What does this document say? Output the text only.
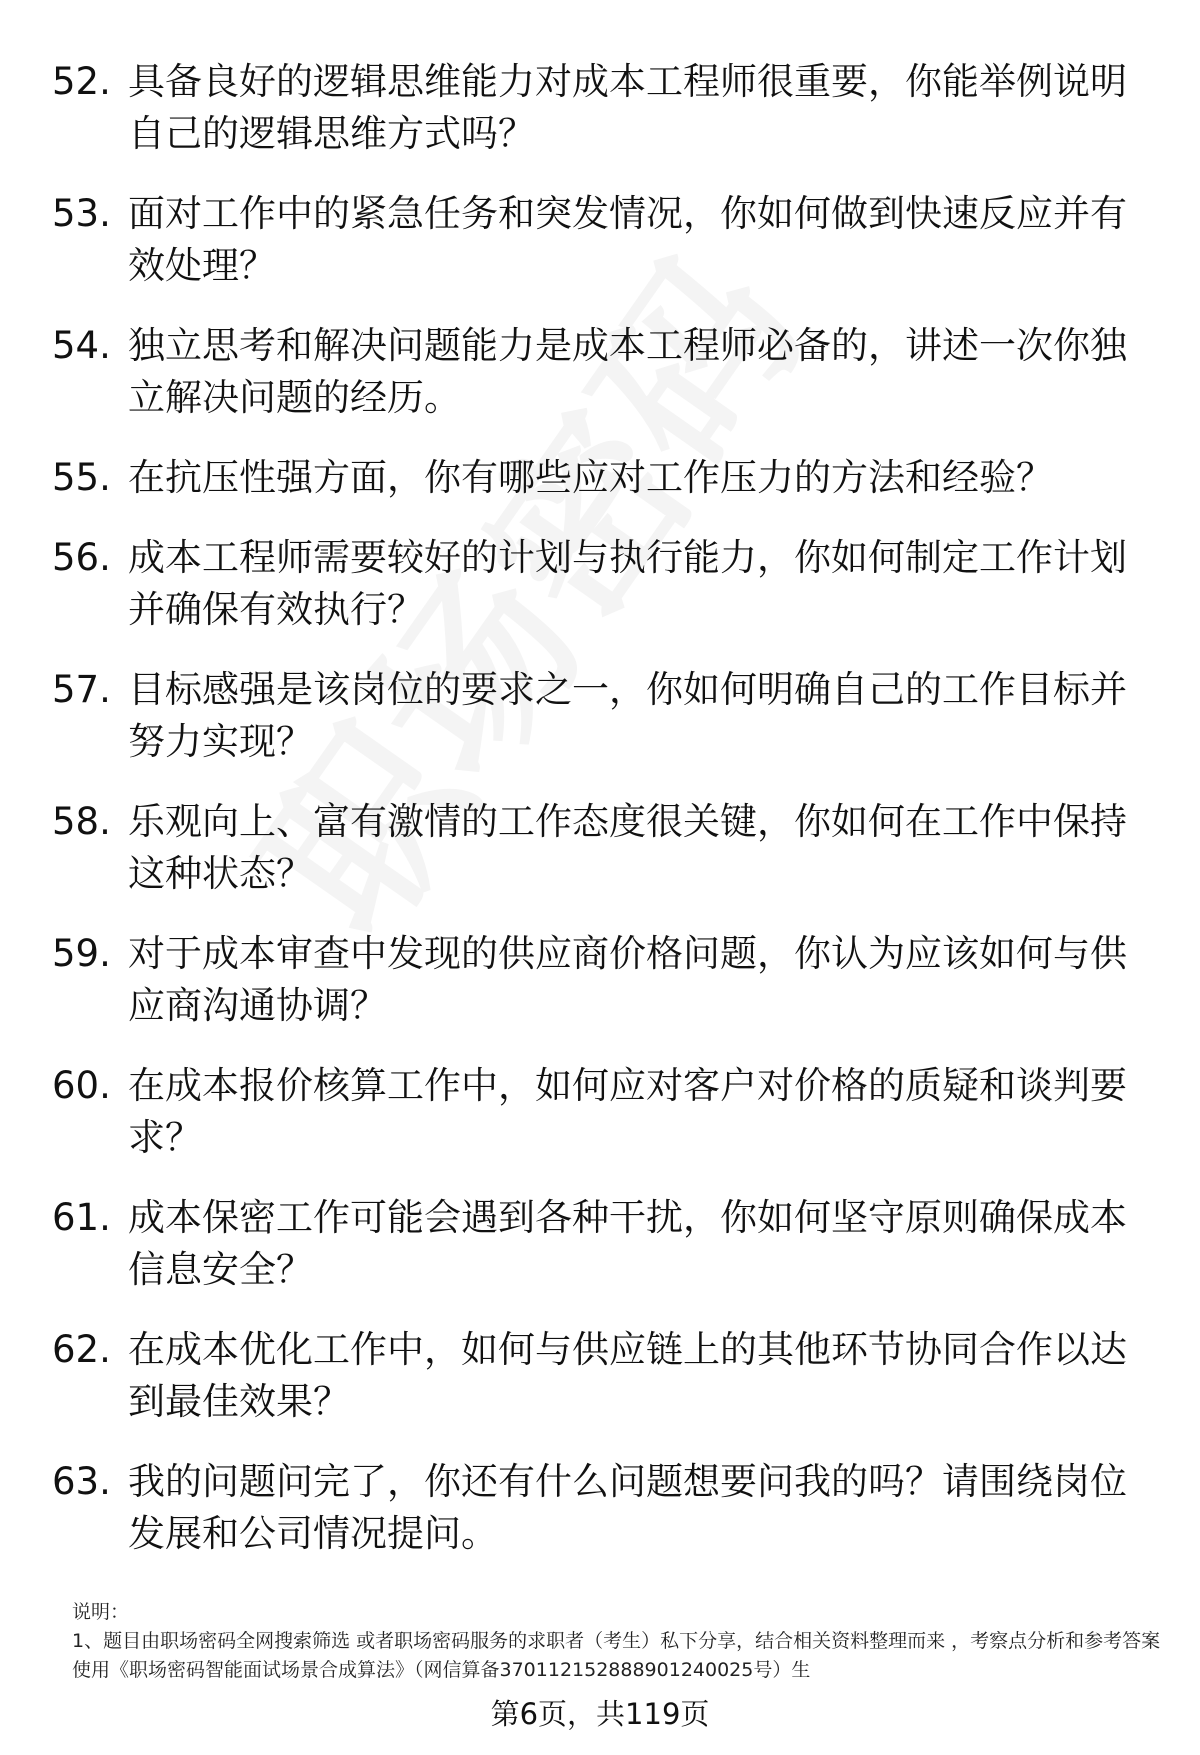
52. 具备良好的逻辑思维能力对成本工程师很重要，你能举例说明自己的逻辑思维方式吗？
53. 面对工作中的紧急任务和突发情况，你如何做到快速反应并有效处理？
54. 独立思考和解决问题能力是成本工程师必备的，讲述一次你独立解决问题的经历。
55. 在抗压性强方面，你有哪些应对工作压力的方法和经验？
56. 成本工程师需要较好的计划与执行能力，你如何制定工作计划并确保有效执行？
57. 目标感强是该岗位的要求之一，你如何明确自己的工作目标并努力实现？
58. 乐观向上、富有激情的工作态度很关键，你如何在工作中保持这种状态？
59. 对于成本审查中发现的供应商价格问题，你认为应该如何与供应商沟通协调？
60. 在成本报价核算工作中，如何应对客户对价格的质疑和谈判要求？
61. 成本保密工作可能会遇到各种干扰，你如何坚守原则确保成本信息安全？
62. 在成本优化工作中，如何与供应链上的其他环节协同合作以达到最佳效果？
63. 我的问题问完了，你还有什么问题想要问我的吗？请围绕岗位发展和公司情况提问。
说明：
1、题目由职场密码全网搜索筛选 或者职场密码服务的求职者（考生）私下分享，结合相关资料整理而来 ，考察点分析和参考答案使用《职场密码智能面试场景合成算法》（网信算备370112152888901240025号）生
第6页，共119页
